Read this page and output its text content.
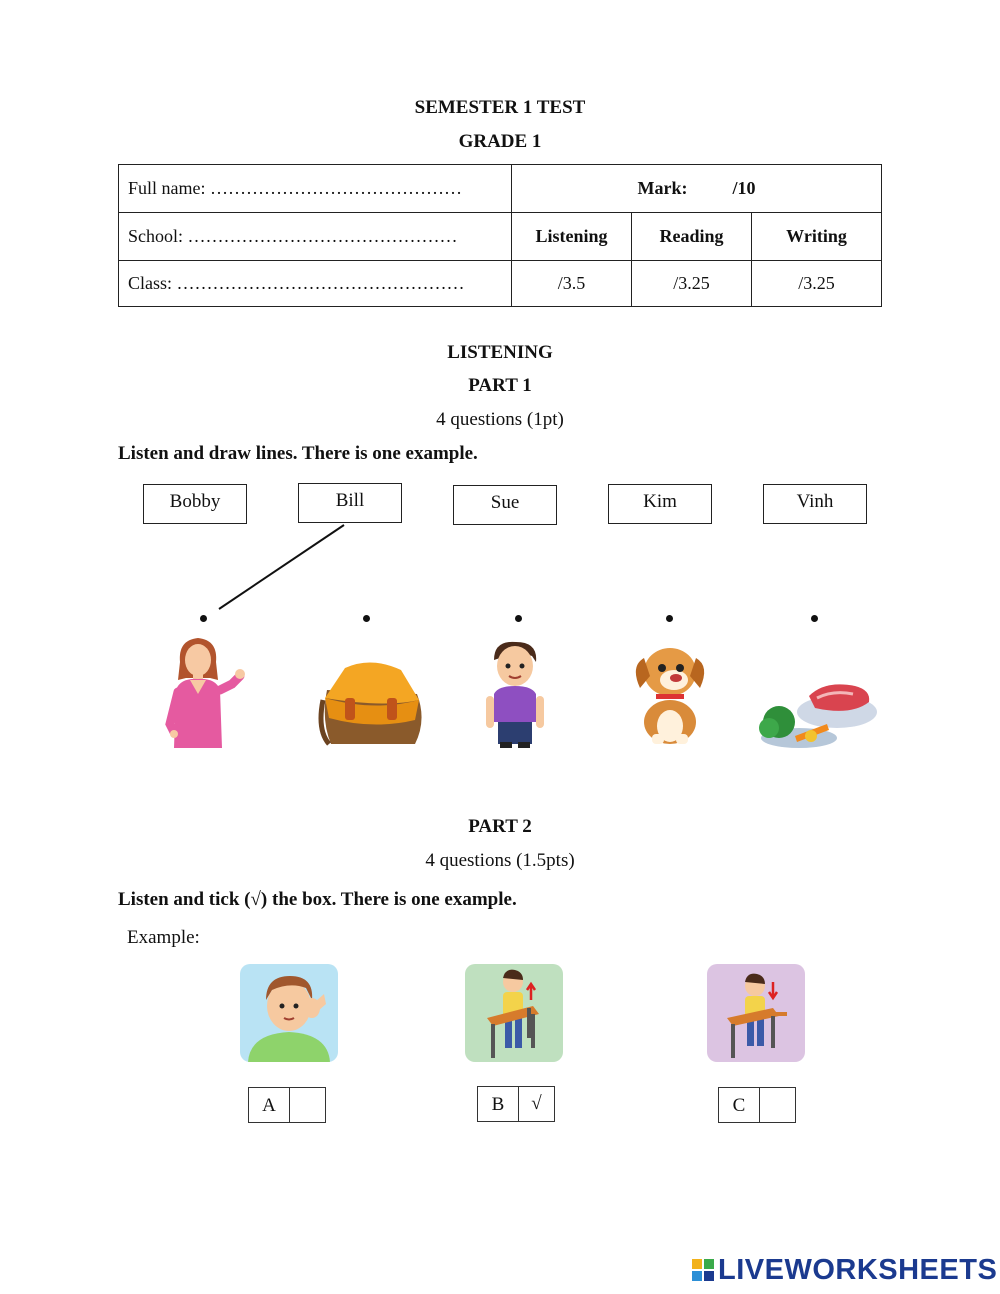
SEMESTER 1 TEST
GRADE 1
Full name: ……………………………………	Mark: /10		
School: ………………………………………	Listening	Reading	Writing
Class: …………………………………………	/3.5	/3.25	/3.25
LISTENING
PART 1
4 questions (1pt)
Listen and draw lines. There is one example.
Bobby	Bill	Sue	Kim	Vinh
PART 2
4 questions (1.5pts)
Listen and tick (√) the box. There is one example.
Example:
A	B	√	C
LIVEWORKSHEETS
